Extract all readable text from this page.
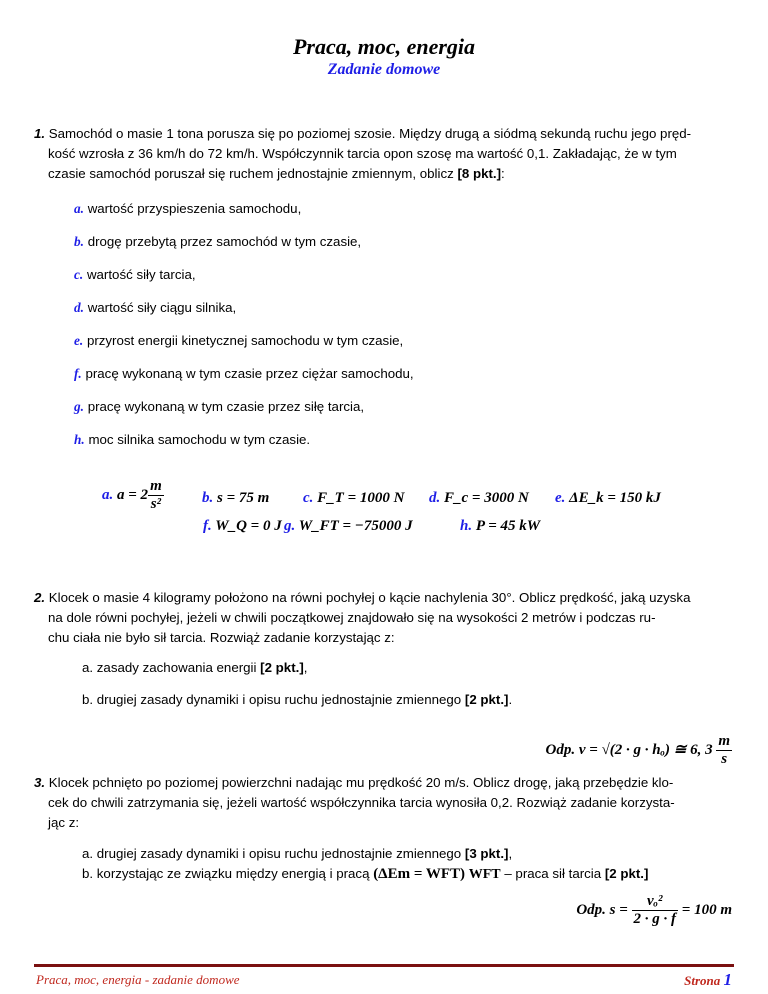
Praca, moc, energia
Zadanie domowe
1. Samochód o masie 1 tona porusza się po poziomej szosie. Między drugą a siódmą sekundą ruchu jego pręd-
kość wzrosła z 36 km/h do 72 km/h. Współczynnik tarcia opon szosę ma wartość 0,1. Zakładając, że w tym
czasie samochód poruszał się ruchem jednostajnie zmiennym, oblicz [8 pkt.]:
a. wartość przyspieszenia samochodu,
b. drogę przebytą przez samochód w tym czasie,
c. wartość siły tarcia,
d. wartość siły ciągu silnika,
e. przyrost energii kinetycznej samochodu w tym czasie,
f. pracę wykonaną w tym czasie przez ciężar samochodu,
g. pracę wykonaną w tym czasie przez siłę tarcia,
h. moc silnika samochodu w tym czasie.
a. $a = 2 \frac{m}{\text{s²}}$	b. s = 75 m c. F_T = 1000 N d. F_c = 3000 N e. ΔE_k = 150 kJ
f. W_Q = 0 J g. W_FT = −75000 J	h. P = 45 kW
2. Klocek o masie 4 kilogramy położono na równi pochyłej o kącie nachylenia 30°. Oblicz prędkość, jaką uzyska
na dole równi pochyłej, jeżeli w chwili początkowej znajdowało się na wysokości 2 metrów i podczas ru-
chu ciała nie było sił tarcia. Rozwiąż zadanie korzystając z:
a. zasady zachowania energii [2 pkt.],
b. drugiej zasady dynamiki i opisu ruchu jednostajnie zmiennego [2 pkt.].
Odp. v = √(2 · g · hₒ) ≅ 6, $3 \frac{m}{s}$
3. Klocek pchnięto po poziomej powierzchni nadając mu prędkość 20 m/s. Oblicz drogę, jaką przebędzie klo-
cek do chwili zatrzymania się, jeżeli wartość współczynnika tarcia wynosiła 0,2. Rozwiąż zadanie korzysta-
jąc z:
a. drugiej zasady dynamiki i opisu ruchu jednostajnie zmiennego [3 pkt.],
b. korzystając ze związku między energią i pracą (ΔEm = WFT) WFT – praca sił tarcia [2 pkt.]
Odp. $s = \frac{\text{vₒ²}}{2 \cdot g \cdot f} = 100$ m
Praca, moc, energia - zadanie domowe	Strona 1
